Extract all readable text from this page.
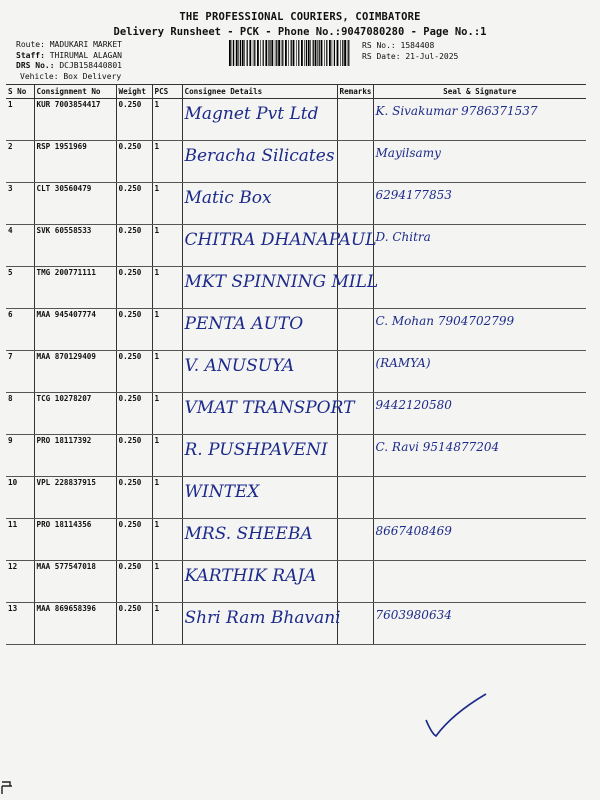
THE PROFESSIONAL COURIERS, COIMBATORE
Delivery Runsheet - PCK - Phone No.:9047080280 - Page No.:1
Route: MADUKARI MARKET
Staff: THIRUMAL ALAGAN
DRS No.: DCJB158440801
RS No.: 1584408
RS Date: 21-Jul-2025
Vehicle: Box Delivery
S No	Consignment No	Weight	PCS	Consignee Details	Remarks	Seal & Signature
1	KUR 7003854417	0.250	1	Magnet Pvt Ltd		K. Sivakumar 9786371537

2	RSP 1951969	0.250	1	Beracha Silicates		Mayilsamy

3	CLT 30560479	0.250	1	Matic Box		6294177853

4	SVK 60558533	0.250	1	CHITRA DHANAPAUL		D. Chitra

5	TMG 200771111	0.250	1	MKT SPINNING MILL		

6	MAA 945407774	0.250	1	PENTA AUTO		C. Mohan 7904702799

7	MAA 870129409	0.250	1	V. ANUSUYA		(RAMYA)

8	TCG 10278207	0.250	1	VMAT TRANSPORT		9442120580

9	PRO 18117392	0.250	1	R. PUSHPAVENI		C. Ravi 9514877204

10	VPL 228837915	0.250	1	WINTEX		

11	PRO 18114356	0.250	1	MRS. SHEEBA		8667408469

12	MAA 577547018	0.250	1	KARTHIK RAJA		

13	MAA 869658396	0.250	1	Shri Ram Bhavani		7603980634
